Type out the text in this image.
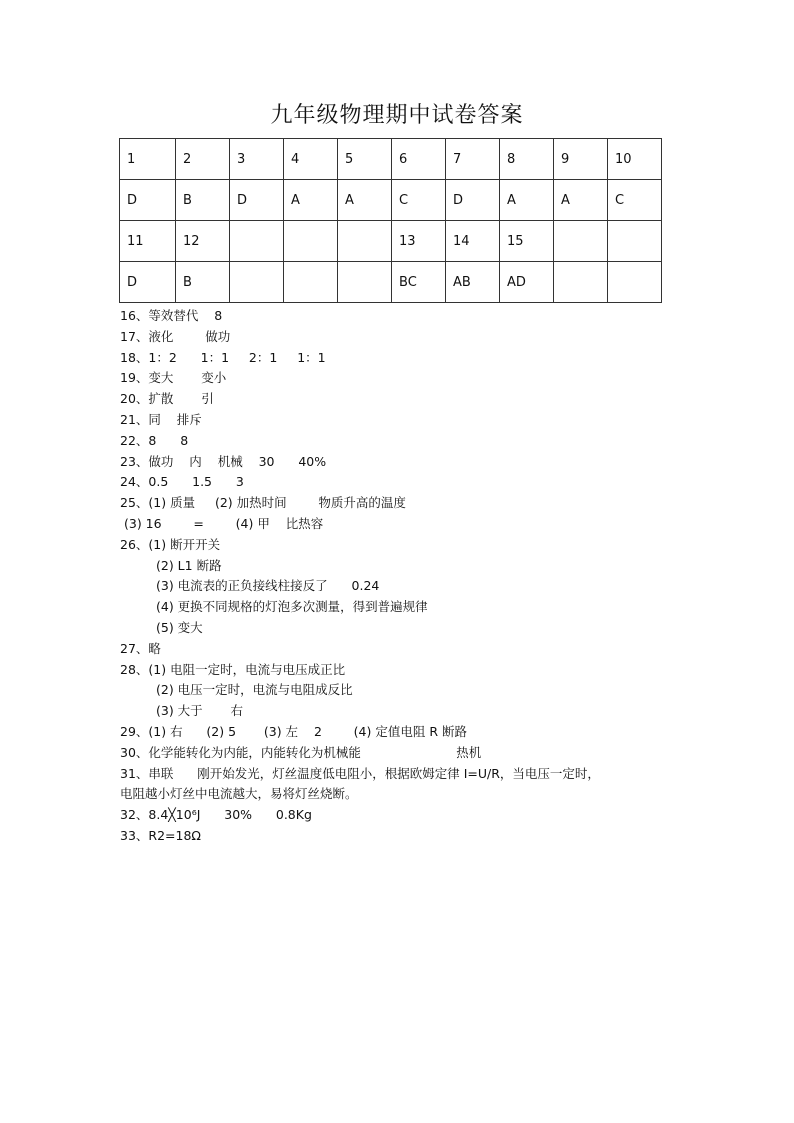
九年级物理期中试卷答案
1	2	3	4	5	6	7	8	9	10
D	B	D	A	A	C	D	A	A	C
11	12				13	14	15		
D	B				BC	AB	AD		
16、等效替代    8
17、液化        做功
18、1：2      1：1     2：1     1：1
19、变大       变小
20、扩散       引
21、同    排斥
22、8      8
23、做功    内    机械    30      40%
24、0.5      1.5      3
25、(1) 质量     (2) 加热时间        物质升高的温度
(3) 16        =        (4) 甲    比热容
26、(1) 断开开关
(2) L1 断路
(3) 电流表的正负接线柱接反了      0.24
(4) 更换不同规格的灯泡多次测量，得到普遍规律
(5) 变大
27、略
28、(1) 电阻一定时，电流与电压成正比
(2) 电压一定时，电流与电阻成反比
(3) 大于       右
29、(1) 右      (2) 5       (3) 左    2        (4) 定值电阻 R 断路
30、化学能转化为内能，内能转化为机械能                        热机
31、串联      刚开始发光，灯丝温度低电阻小，根据欧姆定律 I=U/R，当电压一定时，
电阻越小灯丝中电流越大，易将灯丝烧断。
32、8.4╳10⁶J      30%      0.8Kg
33、R2=18Ω
